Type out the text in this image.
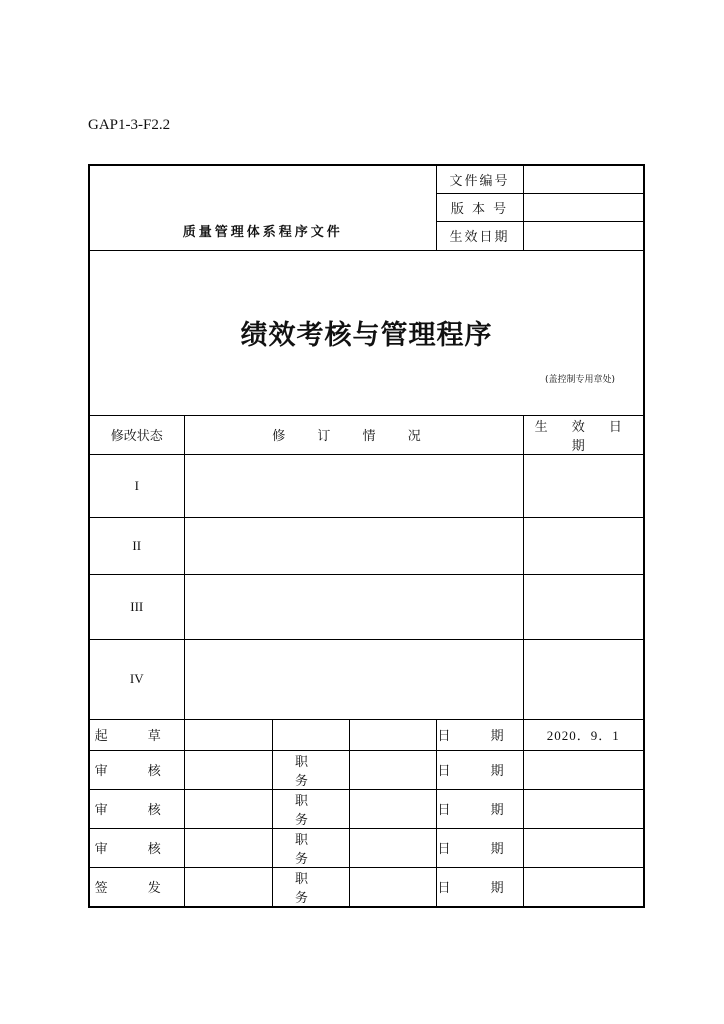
GAP1-3-F2.2
质量管理体系程序文件				文件编号	
				版 本 号	
				生效日期	

绩效考核与管理程序
(盖控制专用章处)					

修改状态	修 订 情 况				生 效 日 期
I					
II					
III					
IV					
起 草				日 期	2020．9．1
审 核		职 务		日 期	
审 核		职 务		日 期	
审 核		职 务		日 期	
签 发		职 务		日 期	
